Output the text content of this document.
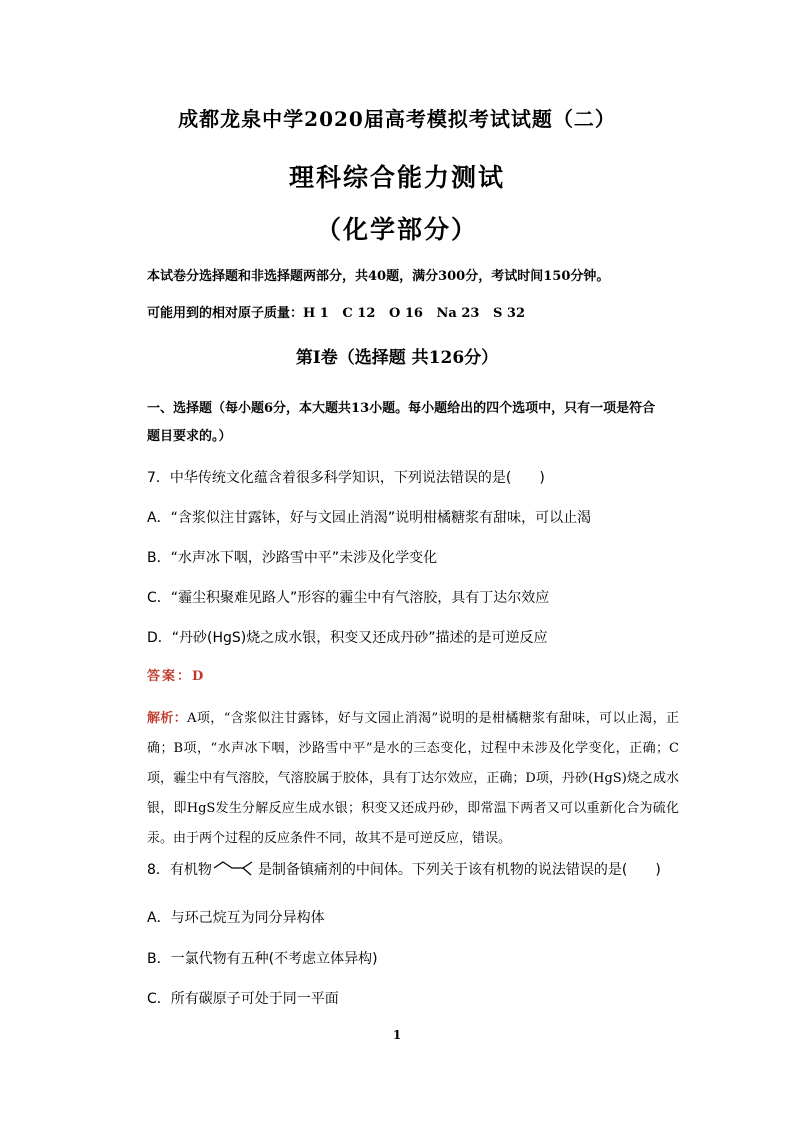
成都龙泉中学2020届高考模拟考试试题（二）
理科综合能力测试
（化学部分）
本试卷分选择题和非选择题两部分，共40题，满分300分，考试时间150分钟。
可能用到的相对原子质量：H 1   C 12   O 16   Na 23   S 32
第Ⅰ卷（选择题 共126分）
一、选择题（每小题6分，本大题共13小题。每小题给出的四个选项中，只有一项是符合题目要求的。）
7．中华传统文化蕴含着很多科学知识，下列说法错误的是(　　)
A．“含浆似注甘露钵，好与文园止消渴”说明柑橘糖浆有甜味，可以止渴
B．“水声冰下咽，沙路雪中平”未涉及化学变化
C．“霾尘积聚难见路人”形容的霾尘中有气溶胶，具有丁达尔效应
D．“丹砂(HgS)烧之成水银，积变又还成丹砂”描述的是可逆反应
答案：D
解析：A项，“含浆似注甘露钵，好与文园止消渴”说明的是柑橘糖浆有甜味，可以止渴，正确；B项，“水声冰下咽，沙路雪中平”是水的三态变化，过程中未涉及化学变化，正确；C项，霾尘中有气溶胶，气溶胶属于胶体，具有丁达尔效应，正确；D项，丹砂(HgS)烧之成水银，即HgS发生分解反应生成水银；积变又还成丹砂，即常温下两者又可以重新化合为硫化汞。由于两个过程的反应条件不同，故其不是可逆反应，错误。
8．有机物	是制备镇痛剂的中间体。下列关于该有机物的说法错误的是(　　)
A．与环己烷互为同分异构体
B．一氯代物有五种(不考虑立体异构)
C．所有碳原子可处于同一平面
1
